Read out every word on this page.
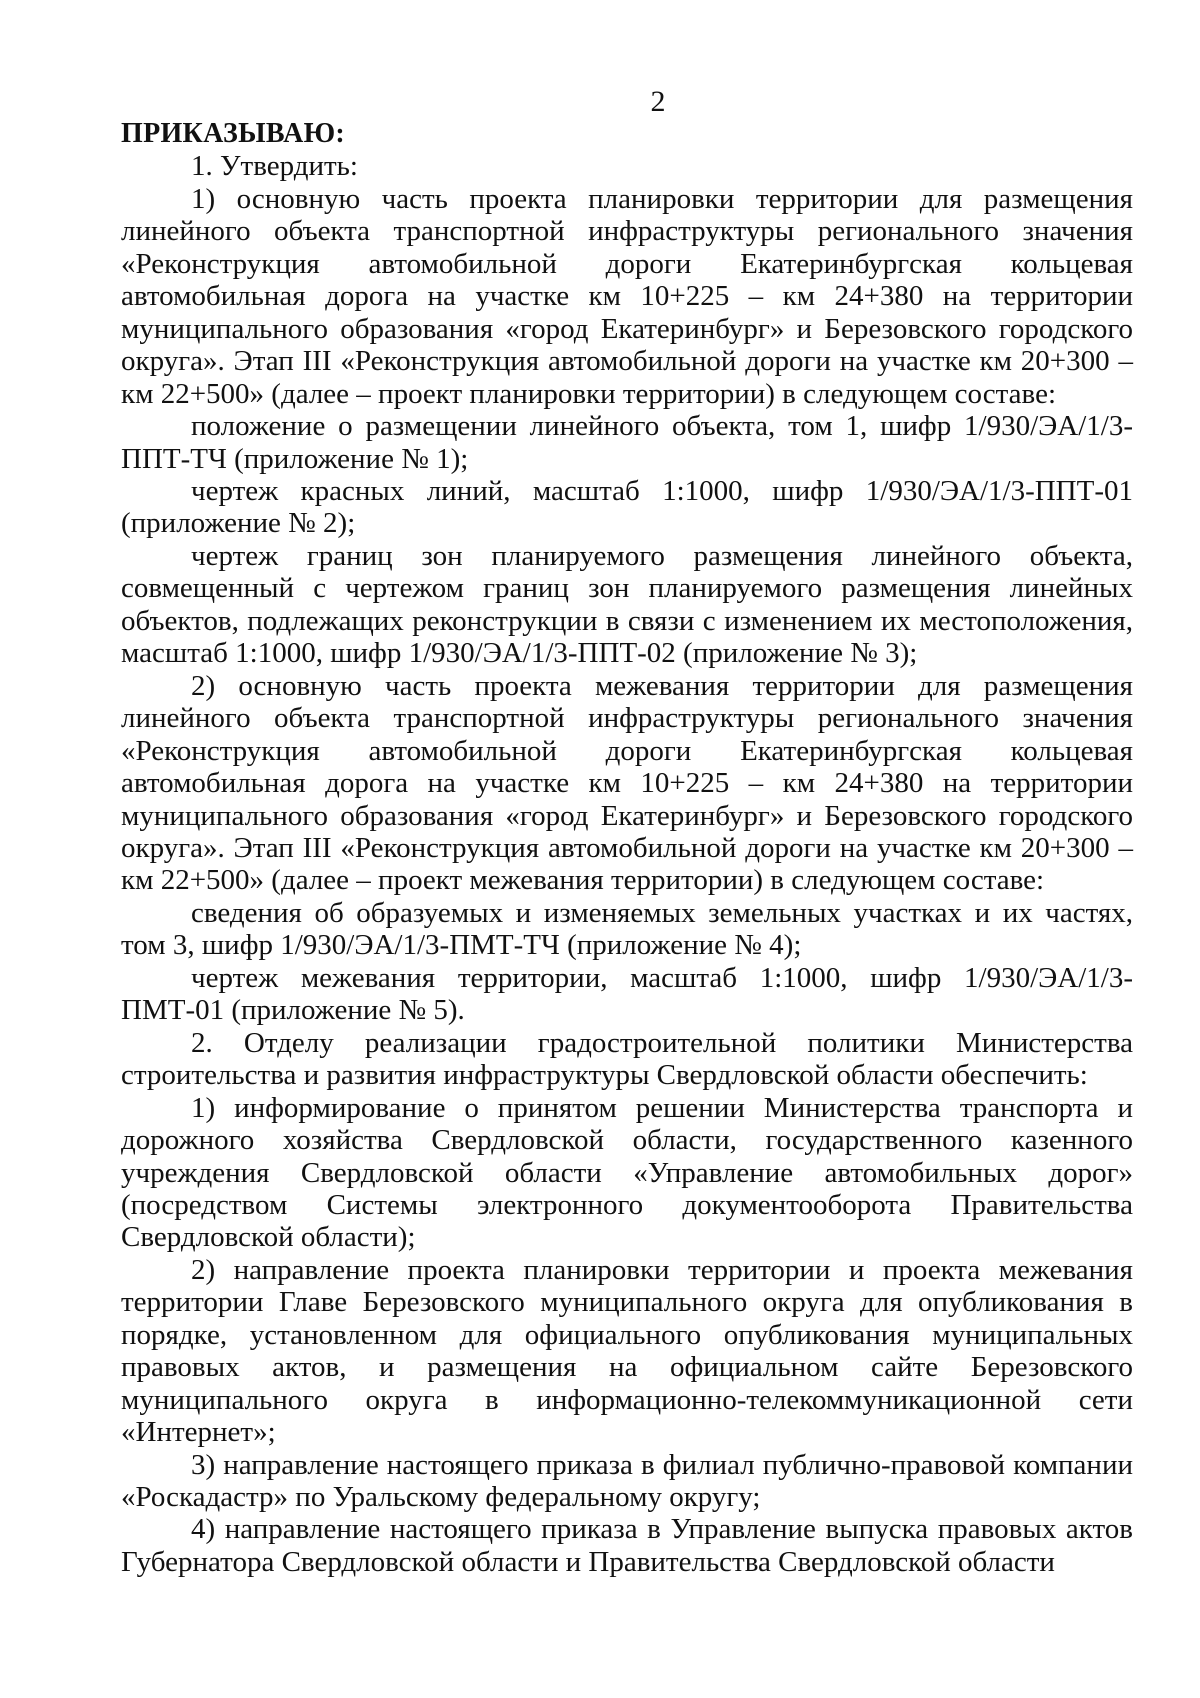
2

ПРИКАЗЫВАЮ:

1. Утвердить:

1) основную часть проекта планировки территории для размещения линейного объекта транспортной инфраструктуры регионального значения «Реконструкция автомобильной дороги Екатеринбургская кольцевая автомобильная дорога на участке км 10+225 – км 24+380 на территории муниципального образования «город Екатеринбург» и Березовского городского округа». Этап III «Реконструкция автомобильной дороги на участке км 20+300 – км 22+500» (далее – проект планировки территории) в следующем составе:

положение о размещении линейного объекта, том 1, шифр 1/930/ЭА/1/3-ППТ-ТЧ (приложение № 1);

чертеж красных линий, масштаб 1:1000, шифр 1/930/ЭА/1/3-ППТ-01 (приложение № 2);

чертеж границ зон планируемого размещения линейного объекта, совмещенный с чертежом границ зон планируемого размещения линейных объектов, подлежащих реконструкции в связи с изменением их местоположения, масштаб 1:1000, шифр 1/930/ЭА/1/3-ППТ-02 (приложение № 3);

2) основную часть проекта межевания территории для размещения линейного объекта транспортной инфраструктуры регионального значения «Реконструкция автомобильной дороги Екатеринбургская кольцевая автомобильная дорога на участке км 10+225 – км 24+380 на территории муниципального образования «город Екатеринбург» и Березовского городского округа». Этап III «Реконструкция автомобильной дороги на участке км 20+300 – км 22+500» (далее – проект межевания территории) в следующем составе:

сведения об образуемых и изменяемых земельных участках и их частях, том 3, шифр 1/930/ЭА/1/3-ПМТ-ТЧ (приложение № 4);

чертеж межевания территории, масштаб 1:1000, шифр 1/930/ЭА/1/3-ПМТ-01 (приложение № 5).

2. Отделу реализации градостроительной политики Министерства строительства и развития инфраструктуры Свердловской области обеспечить:

1) информирование о принятом решении Министерства транспорта и дорожного хозяйства Свердловской области, государственного казенного учреждения Свердловской области «Управление автомобильных дорог» (посредством Системы электронного документооборота Правительства Свердловской области);

2) направление проекта планировки территории и проекта межевания территории Главе Березовского муниципального округа для опубликования в порядке, установленном для официального опубликования муниципальных правовых актов, и размещения на официальном сайте Березовского муниципального округа в информационно-телекоммуникационной сети «Интернет»;

3) направление настоящего приказа в филиал публично-правовой компании «Роскадастр» по Уральскому федеральному округу;

4) направление настоящего приказа в Управление выпуска правовых актов Губернатора Свердловской области и Правительства Свердловской области
